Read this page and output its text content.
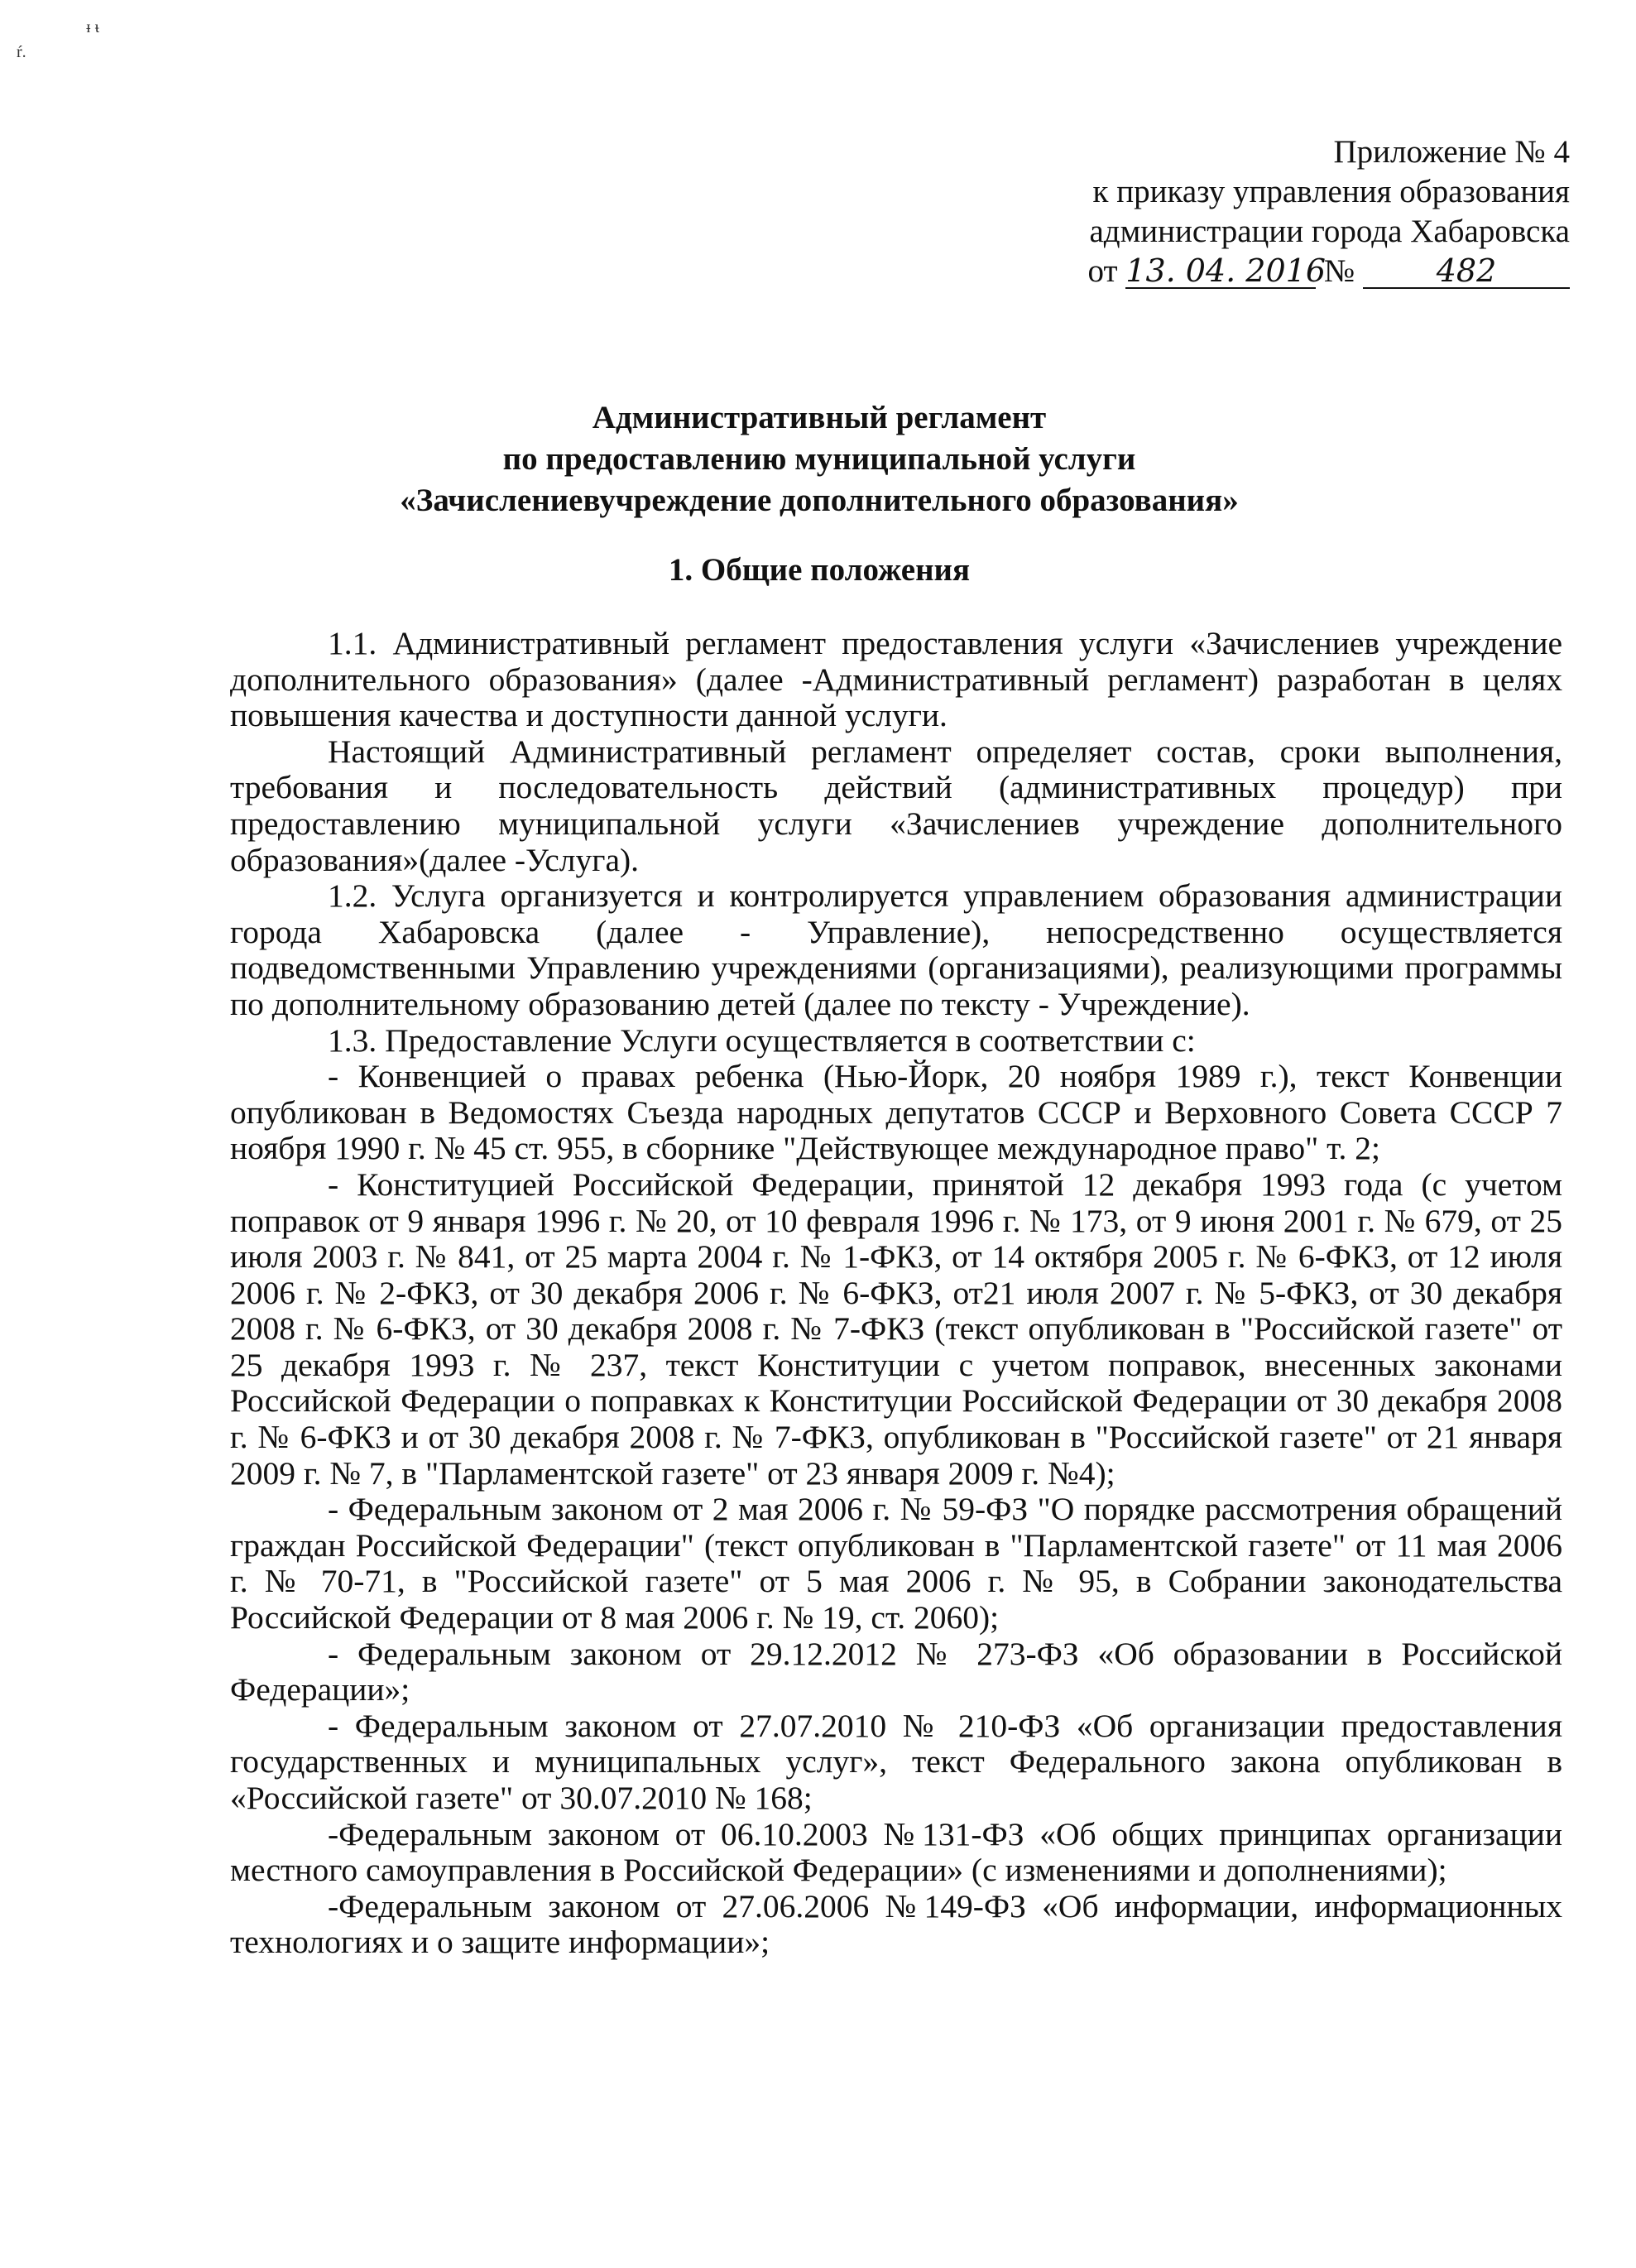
ᵻ ᵼ
ŕ.
Приложение № 4
к приказу управления образования
администрации города Хабаровска
от 13. 04. 2016 №	482
Административный регламент
по предоставлению муниципальной услуги
«Зачислениевучреждение дополнительного образования»
1. Общие положения

1.1. Административный регламент предоставления услуги «Зачислениев учреждение дополнительного образования» (далее -Административный регламент) разработан в целях повышения качества и доступности данной услуги.

Настоящий Административный регламент определяет состав, сроки выполнения, требования и последовательность действий (административных процедур) при предоставлению муниципальной услуги «Зачислениев учреждение дополнительного образования»(далее -Услуга).

1.2. Услуга организуется и контролируется управлением образования администрации города Хабаровска (далее - Управление), непосредственно осуществляется подведомственными Управлению учреждениями (организациями), реализующими программы по дополнительному образованию детей (далее по тексту - Учреждение).

1.3. Предоставление Услуги осуществляется в соответствии с:

- Конвенцией о правах ребенка (Нью-Йорк, 20 ноября 1989 г.), текст Конвенции опубликован в Ведомостях Съезда народных депутатов СССР и Верховного Совета СССР 7 ноября 1990 г. № 45 ст. 955, в сборнике "Действующее международное право" т. 2;

- Конституцией Российской Федерации, принятой 12 декабря 1993 года (с учетом поправок от 9 января 1996 г. № 20, от 10 февраля 1996 г. № 173, от 9 июня 2001 г. № 679, от 25 июля 2003 г. № 841, от 25 марта 2004 г. № 1-ФКЗ, от 14 октября 2005 г. № 6-ФКЗ, от 12 июля 2006 г. № 2-ФКЗ, от 30 декабря 2006 г. № 6-ФКЗ, от21 июля 2007 г. № 5-ФКЗ, от 30 декабря 2008 г. № 6-ФКЗ, от 30 декабря 2008 г. № 7-ФКЗ (текст опубликован в "Российской газете" от 25 декабря 1993 г. № 237, текст Конституции с учетом поправок, внесенных законами Российской Федерации о поправках к Конституции Российской Федерации от 30 декабря 2008 г. № 6-ФКЗ и от 30 декабря 2008 г. № 7-ФКЗ, опубликован в "Российской газете" от 21 января 2009 г. № 7, в "Парламентской газете" от 23 января 2009 г. №4);

- Федеральным законом от 2 мая 2006 г. № 59-ФЗ "О порядке рассмотрения обращений граждан Российской Федерации" (текст опубликован в "Парламентской газете" от 11 мая 2006 г. № 70-71, в "Российской газете" от 5 мая 2006 г. № 95, в Собрании законодательства Российской Федерации от 8 мая 2006 г. № 19, ст. 2060);

- Федеральным законом от 29.12.2012 № 273-ФЗ «Об образовании в Российской Федерации»;

- Федеральным законом от 27.07.2010 № 210-ФЗ «Об организации предоставления государственных и муниципальных услуг», текст Федерального закона опубликован в «Российской газете" от 30.07.2010 № 168;

-Федеральным законом от 06.10.2003 №131-ФЗ «Об общих принципах организации местного самоуправления в Российской Федерации» (с изменениями и дополнениями);

-Федеральным законом от 27.06.2006 №149-ФЗ «Об информации, информационных технологиях и о защите информации»;
